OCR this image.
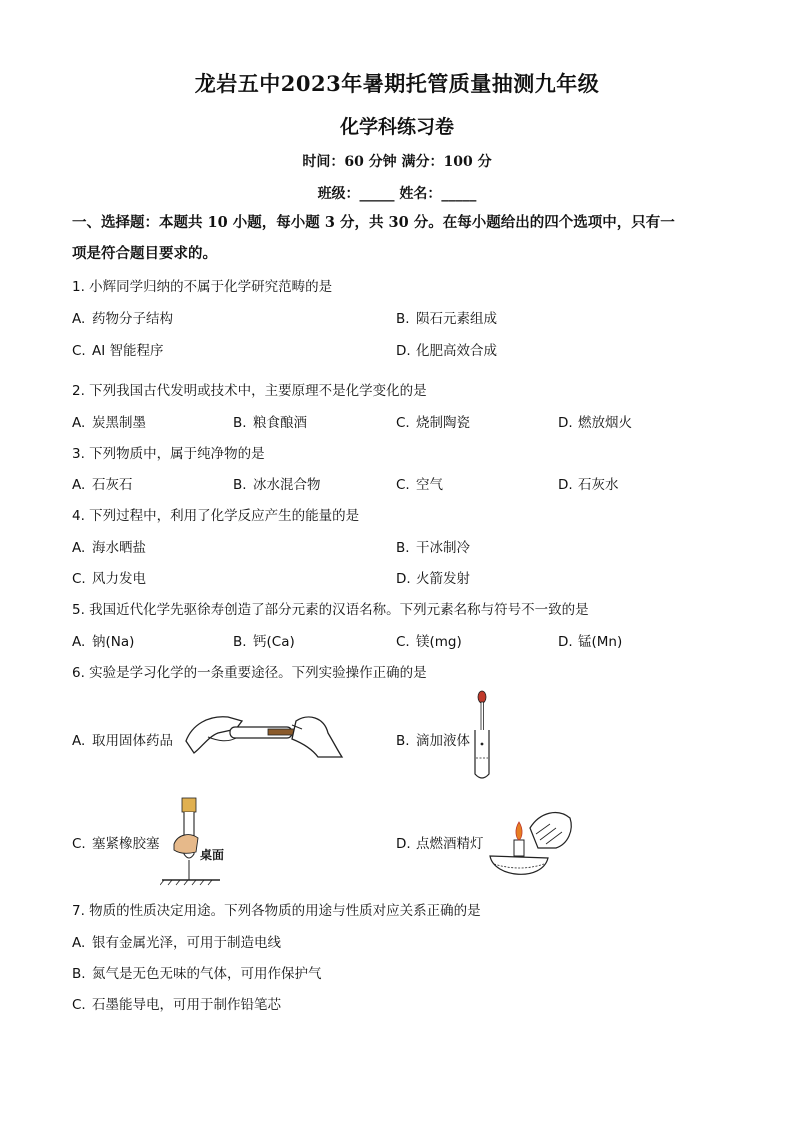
龙岩五中2023年暑期托管质量抽测九年级
化学科练习卷
时间：60 分钟 满分：100 分
班级：_____ 姓名：_____
一、选择题：本题共 10 小题，每小题 3 分，共 30 分。在每小题给出的四个选项中，只有一
项是符合题目要求的。
1. 小辉同学归纳的不属于化学研究范畴的是
A. 药物分子结构	B. 陨石元素组成
C. AI 智能程序	D. 化肥高效合成
2. 下列我国古代发明或技术中，主要原理不是化学变化的是
A. 炭黑制墨	B. 粮食酿酒	C. 烧制陶瓷	D. 燃放烟火
3. 下列物质中，属于纯净物的是
A. 石灰石	B. 冰水混合物	C. 空气	D. 石灰水
4. 下列过程中，利用了化学反应产生的能量的是
A. 海水晒盐	B. 干冰制冷
C. 风力发电	D. 火箭发射
5. 我国近代化学先驱徐寿创造了部分元素的汉语名称。下列元素名称与符号不一致的是
A. 钠(Na)	B. 钙(Ca)	C. 镁(mg)	D. 锰(Mn)
6. 实验是学习化学的一条重要途径。下列实验操作正确的是
A. 取用固体药品	B. 滴加液体
C. 塞紧橡胶塞
桌面
D. 点燃酒精灯
7. 物质的性质决定用途。下列各物质的用途与性质对应关系正确的是
A. 银有金属光泽，可用于制造电线
B. 氮气是无色无味的气体，可用作保护气
C. 石墨能导电，可用于制作铅笔芯
